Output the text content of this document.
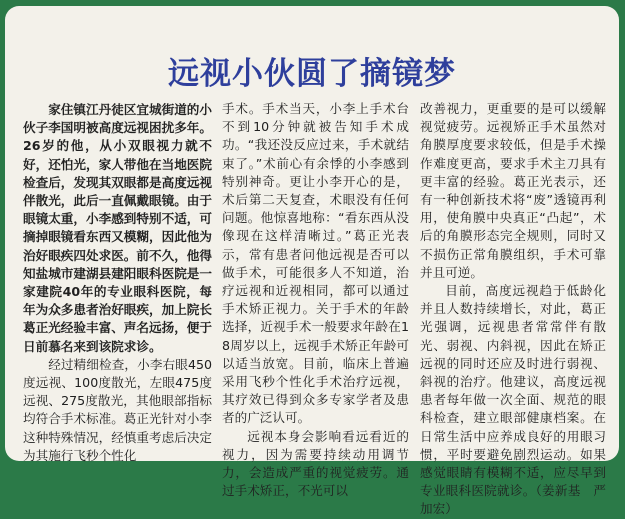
远视小伙圆了摘镜梦

家住镇江丹徒区宜城街道的小伙子李国明被高度远视困扰多年。26岁的他，从小双眼视力就不好，还怕光，家人带他在当地医院检查后，发现其双眼都是高度远视伴散光，此后一直佩戴眼镜。由于眼镜太重，小李感到特别不适，可摘掉眼镜看东西又模糊，因此他为治好眼疾四处求医。前不久，他得知盐城市建湖县建阳眼科医院是一家建院40年的专业眼科医院，每年为众多患者治好眼疾，加上院长葛正光经验丰富、声名远扬，便于日前慕名来到该院求诊。

经过精细检查，小李右眼450度远视、100度散光，左眼475度远视、275度散光，其他眼部指标均符合手术标准。葛正光针对小李这种特殊情况，经慎重考虑后决定为其施行飞秒个性化

手术。手术当天，小李上手术台不到10分钟就被告知手术成功。“我还没反应过来，手术就结束了。”术前心有余悸的小李感到特别神奇。更让小李开心的是，术后第二天复查，术眼没有任何问题。他惊喜地称：“看东西从没像现在这样清晰过。”葛正光表示，常有患者问他远视是否可以做手术，可能很多人不知道，治疗远视和近视相同，都可以通过手术矫正视力。关于手术的年龄选择，近视手术一般要求年龄在18周岁以上，远视手术矫正年龄可以适当放宽。目前，临床上普遍采用飞秒个性化手术治疗远视，其疗效已得到众多专家学者及患者的广泛认可。

远视本身会影响看远看近的视力，因为需要持续动用调节力，会造成严重的视觉疲劳。通过手术矫正，不光可以

改善视力，更重要的是可以缓解视觉疲劳。远视矫正手术虽然对角膜厚度要求较低，但是手术操作难度更高，要求手术主刀具有更丰富的经验。葛正光表示，还有一种创新技术将“废”透镜再利用，使角膜中央真正“凸起”，术后的角膜形态完全规则，同时又不损伤正常角膜组织，手术可靠并且可逆。

目前，高度远视趋于低龄化并且人数持续增长，对此，葛正光强调，远视患者常常伴有散光、弱视、内斜视，因此在矫正远视的同时还应及时进行弱视、斜视的治疗。他建议，高度远视患者每年做一次全面、规范的眼科检查，建立眼部健康档案。在日常生活中应养成良好的用眼习惯，平时要避免剧烈运动。如果感觉眼睛有模糊不适，应尽早到专业眼科医院就诊。（姜新基　严加宏）
